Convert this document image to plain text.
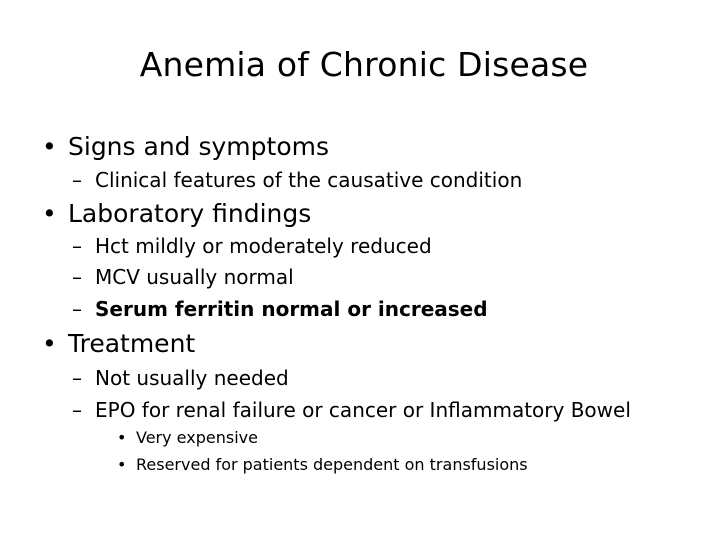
Anemia of Chronic Disease
• Signs and symptoms
– Clinical features of the causative condition
• Laboratory findings
– Hct mildly or moderately reduced
– MCV usually normal
– Serum ferritin normal or increased
• Treatment
– Not usually needed
– EPO for renal failure or cancer or Inflammatory Bowel
• Very expensive
• Reserved for patients dependent on transfusions
